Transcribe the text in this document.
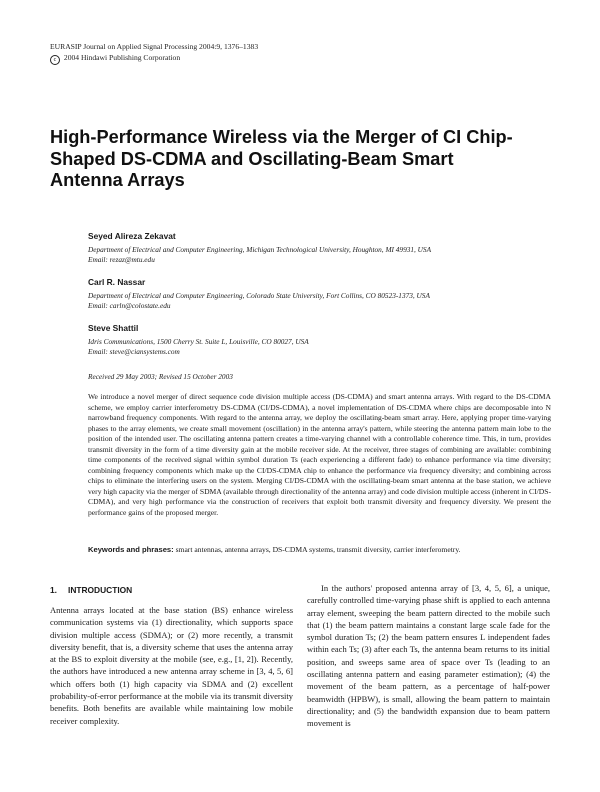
EURASIP Journal on Applied Signal Processing 2004:9, 1376–1383
c 2004 Hindawi Publishing Corporation
High-Performance Wireless via the Merger of CI Chip-Shaped DS-CDMA and Oscillating-Beam Smart Antenna Arrays
Seyed Alireza Zekavat
Department of Electrical and Computer Engineering, Michigan Technological University, Houghton, MI 49931, USA
Email: rezaz@mtu.edu
Carl R. Nassar
Department of Electrical and Computer Engineering, Colorado State University, Fort Collins, CO 80523-1373, USA
Email: carln@colostate.edu
Steve Shattil
Idris Communications, 1500 Cherry St. Suite L, Louisville, CO 80027, USA
Email: steve@ciansystems.com
Received 29 May 2003; Revised 15 October 2003
We introduce a novel merger of direct sequence code division multiple access (DS-CDMA) and smart antenna arrays. With regard to the DS-CDMA scheme, we employ carrier interferometry DS-CDMA (CI/DS-CDMA), a novel implementation of DS-CDMA where chips are decomposable into N narrowband frequency components. With regard to the antenna array, we deploy the oscillating-beam smart array. Here, applying proper time-varying phases to the array elements, we create small movement (oscillation) in the antenna array's pattern, while steering the antenna pattern main lobe to the position of the intended user. The oscillating antenna pattern creates a time-varying channel with a controllable coherence time. This, in turn, provides transmit diversity in the form of a time diversity gain at the mobile receiver side. At the receiver, three stages of combining are available: combining time components of the received signal within symbol duration Ts (each experiencing a different fade) to enhance performance via time diversity; combining frequency components which make up the CI/DS-CDMA chip to enhance the performance via frequency diversity; and combining across chips to eliminate the interfering users on the system. Merging CI/DS-CDMA with the oscillating-beam smart antenna at the base station, we achieve very high capacity via the merger of SDMA (available through directionality of the antenna array) and code division multiple access (inherent in CI/DS-CDMA), and very high performance via the construction of receivers that exploit both transmit diversity and frequency diversity. We present the performance gains of the proposed merger.
Keywords and phrases: smart antennas, antenna arrays, DS-CDMA systems, transmit diversity, carrier interferometry.
1. INTRODUCTION

Antenna arrays located at the base station (BS) enhance wireless communication systems via (1) directionality, which supports space division multiple access (SDMA); or (2) more recently, a transmit diversity benefit, that is, a diversity scheme that uses the antenna array at the BS to exploit diversity at the mobile (see, e.g., [1, 2]). Recently, the authors have introduced a new antenna array scheme in [3, 4, 5, 6] which offers both (1) high capacity via SDMA and (2) excellent probability-of-error performance at the mobile via its transmit diversity benefits. Both benefits are available while maintaining low mobile receiver complexity.

In the authors' proposed antenna array of [3, 4, 5, 6], a unique, carefully controlled time-varying phase shift is applied to each antenna array element, sweeping the beam pattern directed to the mobile such that (1) the beam pattern maintains a constant large scale fade for the symbol duration Ts; (2) the beam pattern ensures L independent fades within each Ts; (3) after each Ts, the antenna beam returns to its initial position, and sweeps same area of space over Ts (leading to an oscillating antenna pattern and easing parameter estimation); (4) the movement of the beam pattern, as a percentage of half-power beamwidth (HPBW), is small, allowing the beam pattern to maintain directionality; and (5) the bandwidth expansion due to beam pattern movement is
